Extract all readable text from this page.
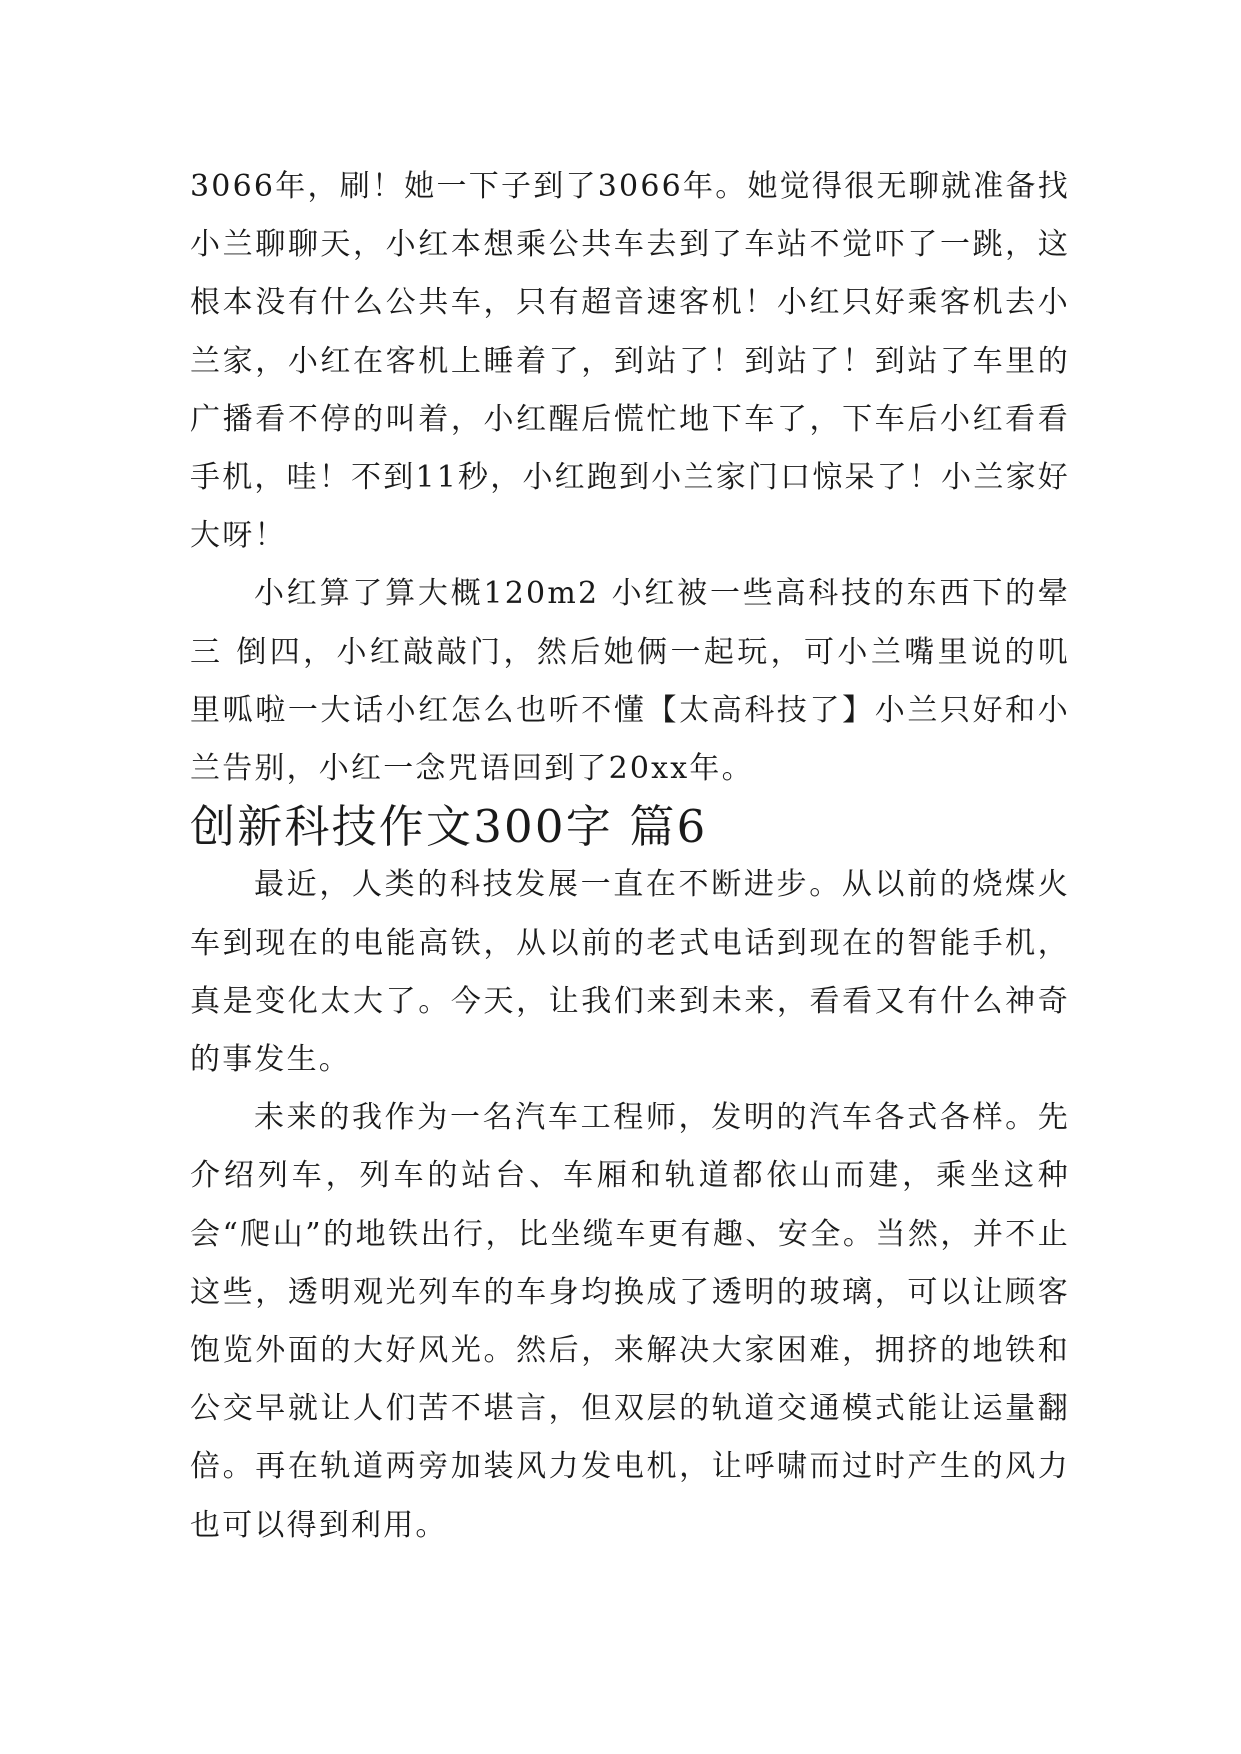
3066年，刷！她一下子到了3066年。她觉得很无聊就准备找 小兰聊聊天，小红本想乘公共车去到了车站不觉吓了一跳，这根本没有什么公共车，只有超音速客机！小红只好乘客机去小兰家，小红在客机上睡着了，到站了！到站了！到站了车里的广播看不停的叫着，小红醒后慌忙地下车了，下车后小红看看手机，哇！不到11秒，小红跑到小兰家门口惊呆了！小兰家好大呀！

小红算了算大概120m2 小红被一些高科技的东西下的晕三 倒四，小红敲敲门，然后她俩一起玩，可小兰嘴里说的叽里呱啦一大话小红怎么也听不懂【太高科技了】小兰只好和小兰告别，小红一念咒语回到了20xx年。

创新科技作文300字 篇6

最近，人类的科技发展一直在不断进步。从以前的烧煤火车到现在的电能高铁，从以前的老式电话到现在的智能手机，真是变化太大了。今天，让我们来到未来，看看又有什么神奇的事发生。

未来的我作为一名汽车工程师，发明的汽车各式各样。先介绍列车，列车的站台、车厢和轨道都依山而建，乘坐这种会“爬山”的地铁出行，比坐缆车更有趣、安全。当然，并不止这些，透明观光列车的车身均换成了透明的玻璃，可以让顾客饱览外面的大好风光。然后，来解决大家困难，拥挤的地铁和公交早就让人们苦不堪言，但双层的轨道交通模式能让运量翻倍。再在轨道两旁加装风力发电机，让呼啸而过时产生的风力也可以得到利用。
